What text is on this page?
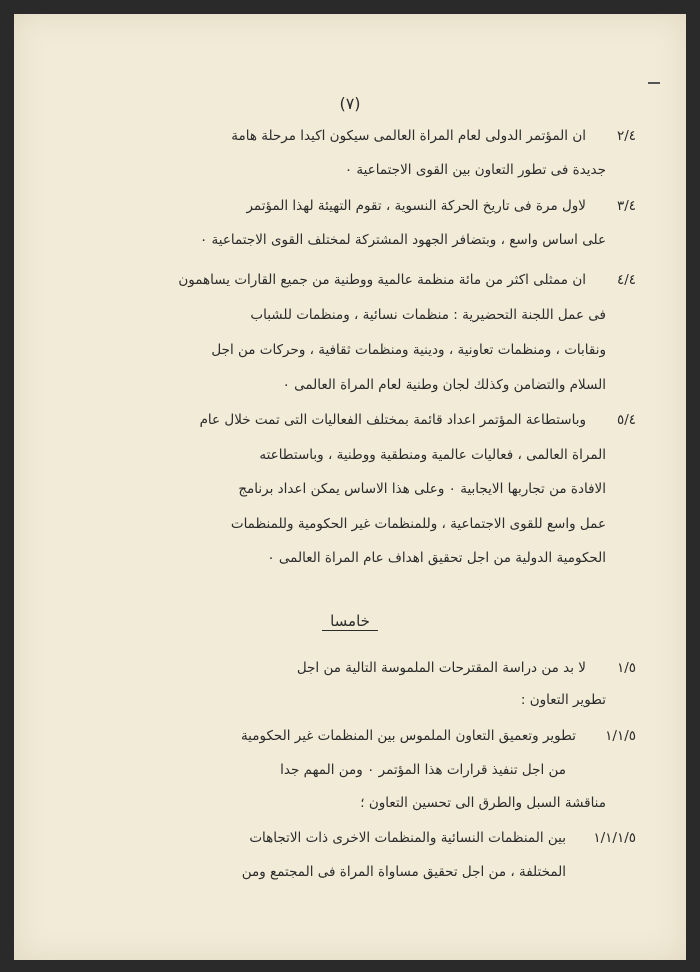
(٧)
خامسا
٢/٤
ان المؤتمر الدولى لعام المراة العالمى سيكون اكيدا مرحلة هامة
جديدة فى تطور التعاون بين القوى الاجتماعية ٠
٣/٤
لاول مرة فى تاريخ الحركة النسوية ، تقوم التهيئة لهذا المؤتمر
على اساس واسع ، وبتضافر الجهود المشتركة لمختلف القوى الاجتماعية ٠
٤/٤
ان ممثلى اكثر من مائة منظمة عالمية ووطنية من جميع القارات يساهمون
فى عمل اللجنة التحضيرية : منظمات نسائية ، ومنظمات للشباب
ونقابات ، ومنظمات تعاونية ، ودينية ومنظمات ثقافية ، وحركات من اجل
السلام والتضامن وكذلك لجان وطنية لعام المراة العالمى ٠
٥/٤
وباستطاعة المؤتمر اعداد قائمة بمختلف الفعاليات التى تمت خلال عام
المراة العالمى ، فعاليات عالمية ومنطقية ووطنية ، وباستطاعته
الافادة من تجاربها الايجابية ٠ وعلى هذا الاساس يمكن اعداد برنامج
عمل واسع للقوى الاجتماعية ، وللمنظمات غير الحكومية وللمنظمات
الحكومية الدولية من اجل تحقيق اهداف عام المراة العالمى ٠
١/٥
لا بد من دراسة المقترحات الملموسة التالية من اجل
تطوير التعاون :
١/١/٥
تطوير وتعميق التعاون الملموس بين المنظمات غير الحكومية
من اجل تنفيذ قرارات هذا المؤتمر ٠ ومن المهم جدا
مناقشة السبل والطرق الى تحسين التعاون ؛
١/١/١/٥
بين المنظمات النسائية والمنظمات الاخرى ذات الاتجاهات
المختلفة ، من اجل تحقيق مساواة المراة فى المجتمع ومن
